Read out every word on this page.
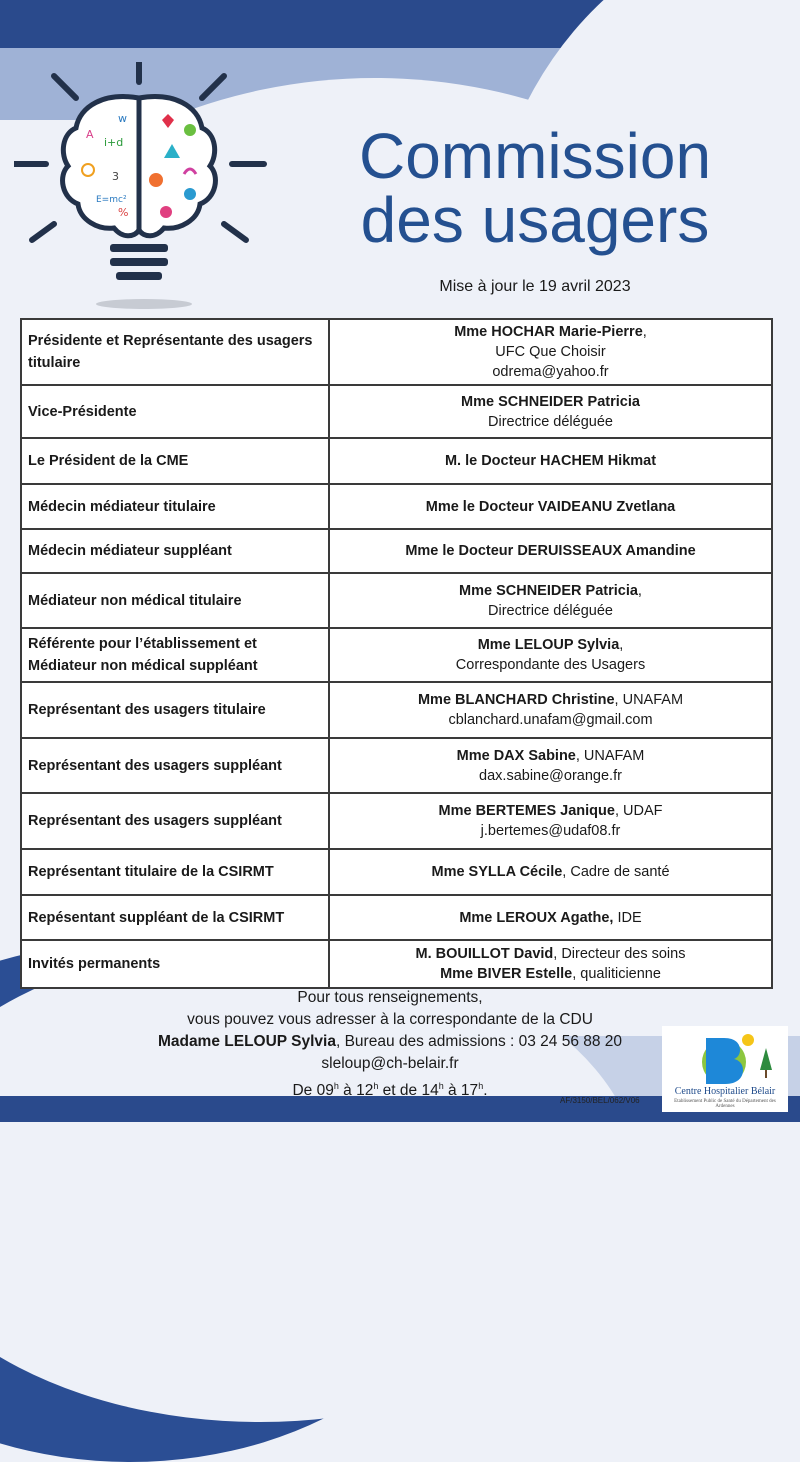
A
i+d
3
E=mc²
%
w
Commission
des usagers
Mise à jour le 19 avril 2023
Présidente et Représentante des usagers titulaire	Mme HOCHAR Marie-Pierre,
UFC Que Choisir
odrema@yahoo.fr
Vice-Présidente	Mme SCHNEIDER Patricia
Directrice déléguée
Le Président de la CME	M. le Docteur HACHEM Hikmat
Médecin médiateur titulaire	Mme le Docteur VAIDEANU Zvetlana
Médecin médiateur suppléant	Mme le Docteur DERUISSEAUX Amandine
Médiateur non médical titulaire	Mme SCHNEIDER Patricia,
Directrice déléguée
Référente pour l’établissement et
Médiateur non médical suppléant	Mme LELOUP Sylvia,
Correspondante des Usagers
Représentant des usagers titulaire	Mme BLANCHARD Christine, UNAFAM
cblanchard.unafam@gmail.com
Représentant des usagers suppléant	Mme DAX Sabine, UNAFAM
dax.sabine@orange.fr
Représentant des usagers suppléant	Mme BERTEMES Janique, UDAF
j.bertemes@udaf08.fr
Représentant titulaire de la CSIRMT	Mme SYLLA Cécile, Cadre de santé
Repésentant suppléant de la CSIRMT	Mme LEROUX Agathe, IDE
Invités permanents	M. BOUILLOT David, Directeur des soins
Mme BIVER Estelle, qualiticienne
Pour tous renseignements,
vous pouvez vous adresser à la correspondante de la CDU
Madame LELOUP Sylvia, Bureau des admissions : 03 24 56 88 20
sleloup@ch-belair.fr
De 09$^h$ à 12$^h$ et de 14$^h$ à 17$^h$.	Centre Hospitalier Bélair
Etablissement Public de Santé du Département des Ardennes
AF/3150/BEL/062/V06
